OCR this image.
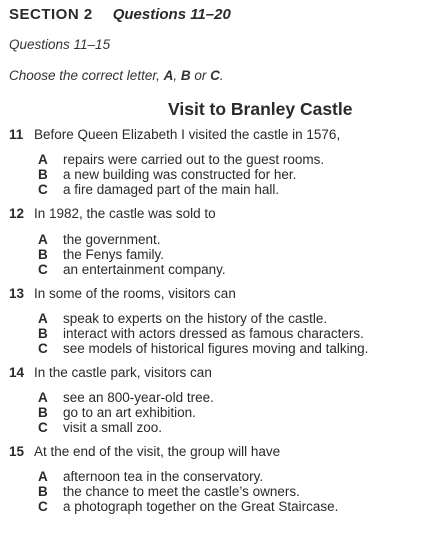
SECTION 2 Questions 11–20
Questions 11–15
Choose the correct letter, A, B or C.
Visit to Branley Castle
11 Before Queen Elizabeth I visited the castle in 1576,
A repairs were carried out to the guest rooms.
B a new building was constructed for her.
C a fire damaged part of the main hall.
12 In 1982, the castle was sold to
A the government.
B the Fenys family.
C an entertainment company.
13 In some of the rooms, visitors can
A speak to experts on the history of the castle.
B interact with actors dressed as famous characters.
C see models of historical figures moving and talking.
14 In the castle park, visitors can
A see an 800-year-old tree.
B go to an art exhibition.
C visit a small zoo.
15 At the end of the visit, the group will have
A afternoon tea in the conservatory.
B the chance to meet the castle’s owners.
C a photograph together on the Great Staircase.
